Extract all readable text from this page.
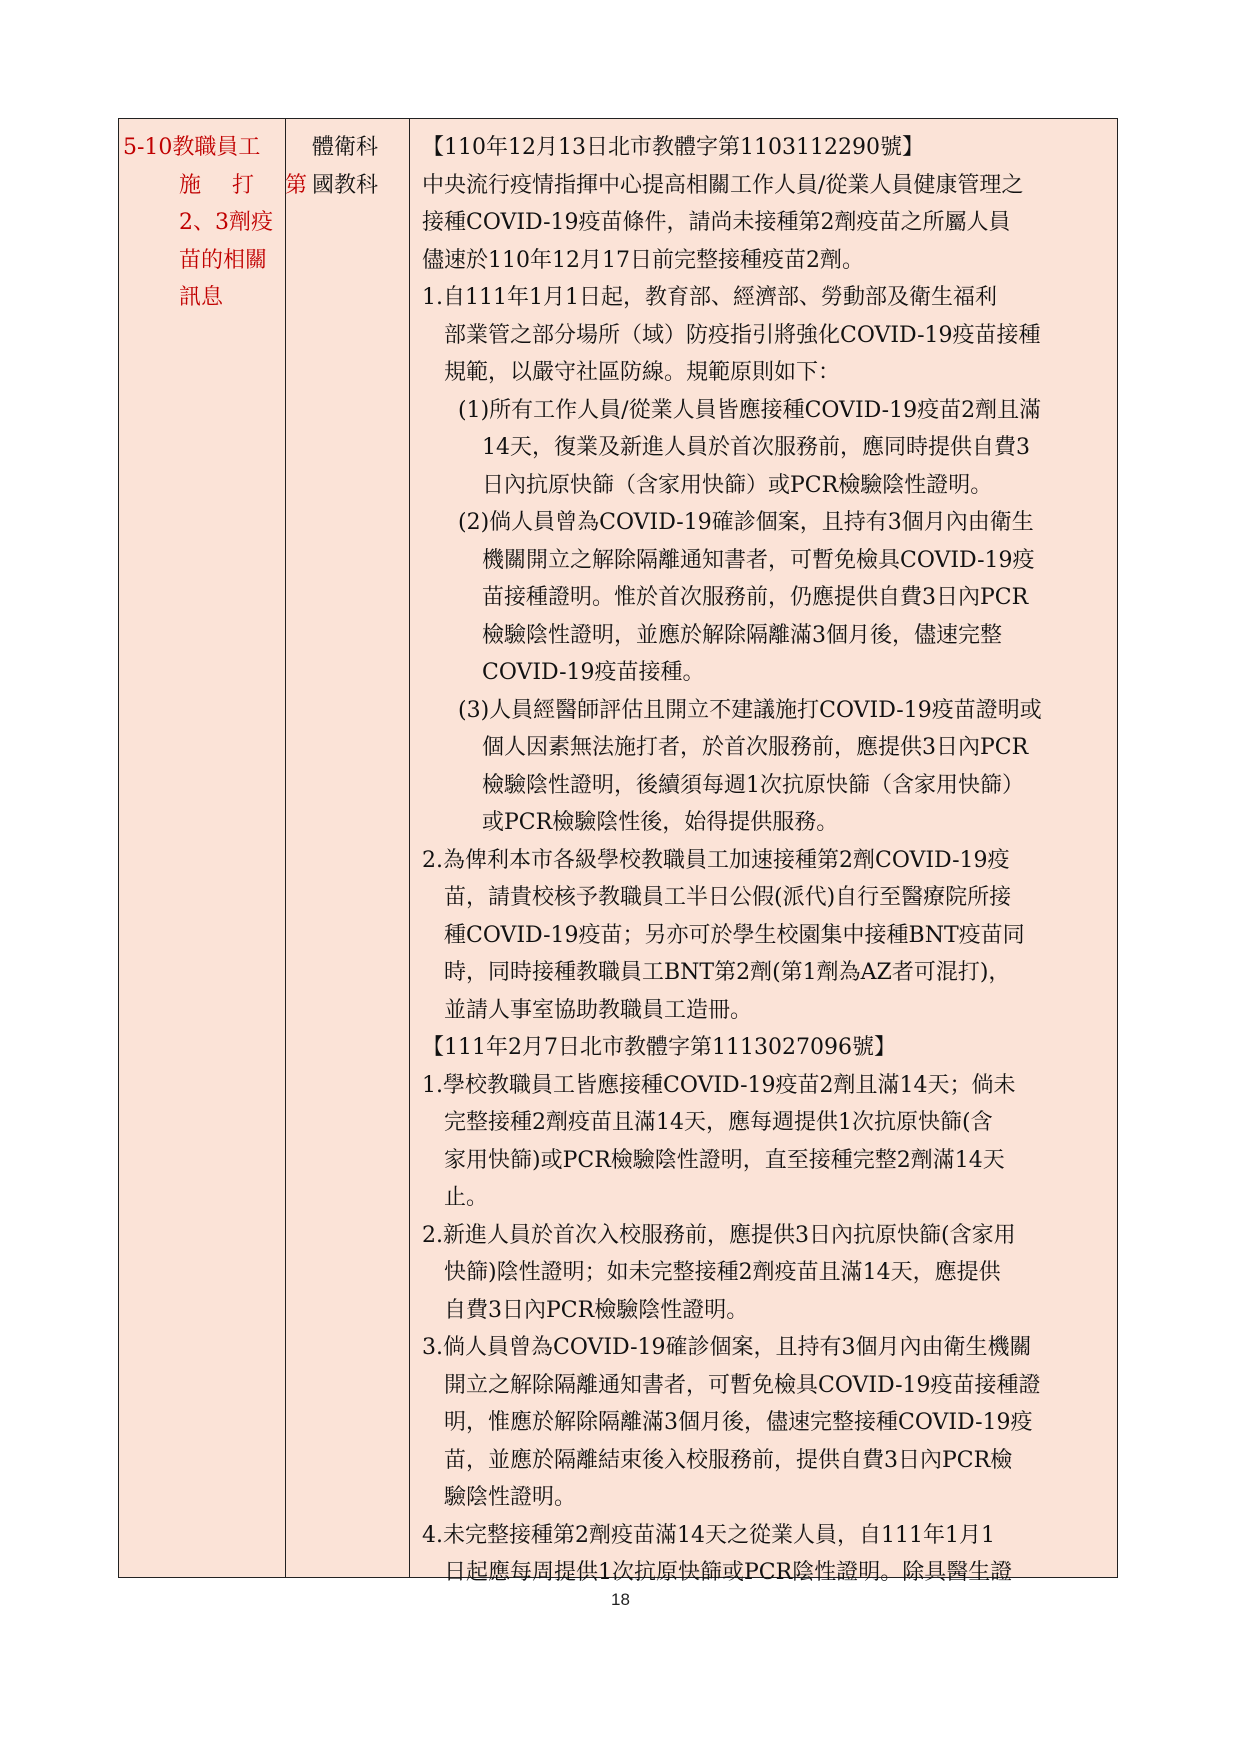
5-10教職員工
施 打 第
2、3劑疫
苗的相關
訊息
體衛科
國教科
【110年12月13日北市教體字第1103112290號】
中央流行疫情指揮中心提高相關工作人員/從業人員健康管理之
接種COVID-19疫苗條件，請尚未接種第2劑疫苗之所屬人員
儘速於110年12月17日前完整接種疫苗2劑。
1.自111年1月1日起，教育部、經濟部、勞動部及衛生福利
部業管之部分場所（域）防疫指引將強化COVID-19疫苗接種
規範，以嚴守社區防線。規範原則如下：
(1)所有工作人員/從業人員皆應接種COVID-19疫苗2劑且滿
14天，復業及新進人員於首次服務前，應同時提供自費3
日內抗原快篩（含家用快篩）或PCR檢驗陰性證明。
(2)倘人員曾為COVID-19確診個案，且持有3個月內由衛生
機關開立之解除隔離通知書者，可暫免檢具COVID-19疫
苗接種證明。惟於首次服務前，仍應提供自費3日內PCR
檢驗陰性證明，並應於解除隔離滿3個月後，儘速完整
COVID-19疫苗接種。
(3)人員經醫師評估且開立不建議施打COVID-19疫苗證明或
個人因素無法施打者，於首次服務前，應提供3日內PCR
檢驗陰性證明，後續須每週1次抗原快篩（含家用快篩）
或PCR檢驗陰性後，始得提供服務。
2.為俾利本市各級學校教職員工加速接種第2劑COVID-19疫
苗，請貴校核予教職員工半日公假(派代)自行至醫療院所接
種COVID-19疫苗；另亦可於學生校園集中接種BNT疫苗同
時，同時接種教職員工BNT第2劑(第1劑為AZ者可混打)，
並請人事室協助教職員工造冊。
【111年2月7日北市教體字第1113027096號】
1.學校教職員工皆應接種COVID-19疫苗2劑且滿14天；倘未
完整接種2劑疫苗且滿14天，應每週提供1次抗原快篩(含
家用快篩)或PCR檢驗陰性證明，直至接種完整2劑滿14天
止。
2.新進人員於首次入校服務前，應提供3日內抗原快篩(含家用
快篩)陰性證明；如未完整接種2劑疫苗且滿14天，應提供
自費3日內PCR檢驗陰性證明。
3.倘人員曾為COVID-19確診個案，且持有3個月內由衛生機關
開立之解除隔離通知書者，可暫免檢具COVID-19疫苗接種證
明，惟應於解除隔離滿3個月後，儘速完整接種COVID-19疫
苗，並應於隔離結束後入校服務前，提供自費3日內PCR檢
驗陰性證明。
4.未完整接種第2劑疫苗滿14天之從業人員，自111年1月1
日起應每周提供1次抗原快篩或PCR陰性證明。除具醫生證
18
